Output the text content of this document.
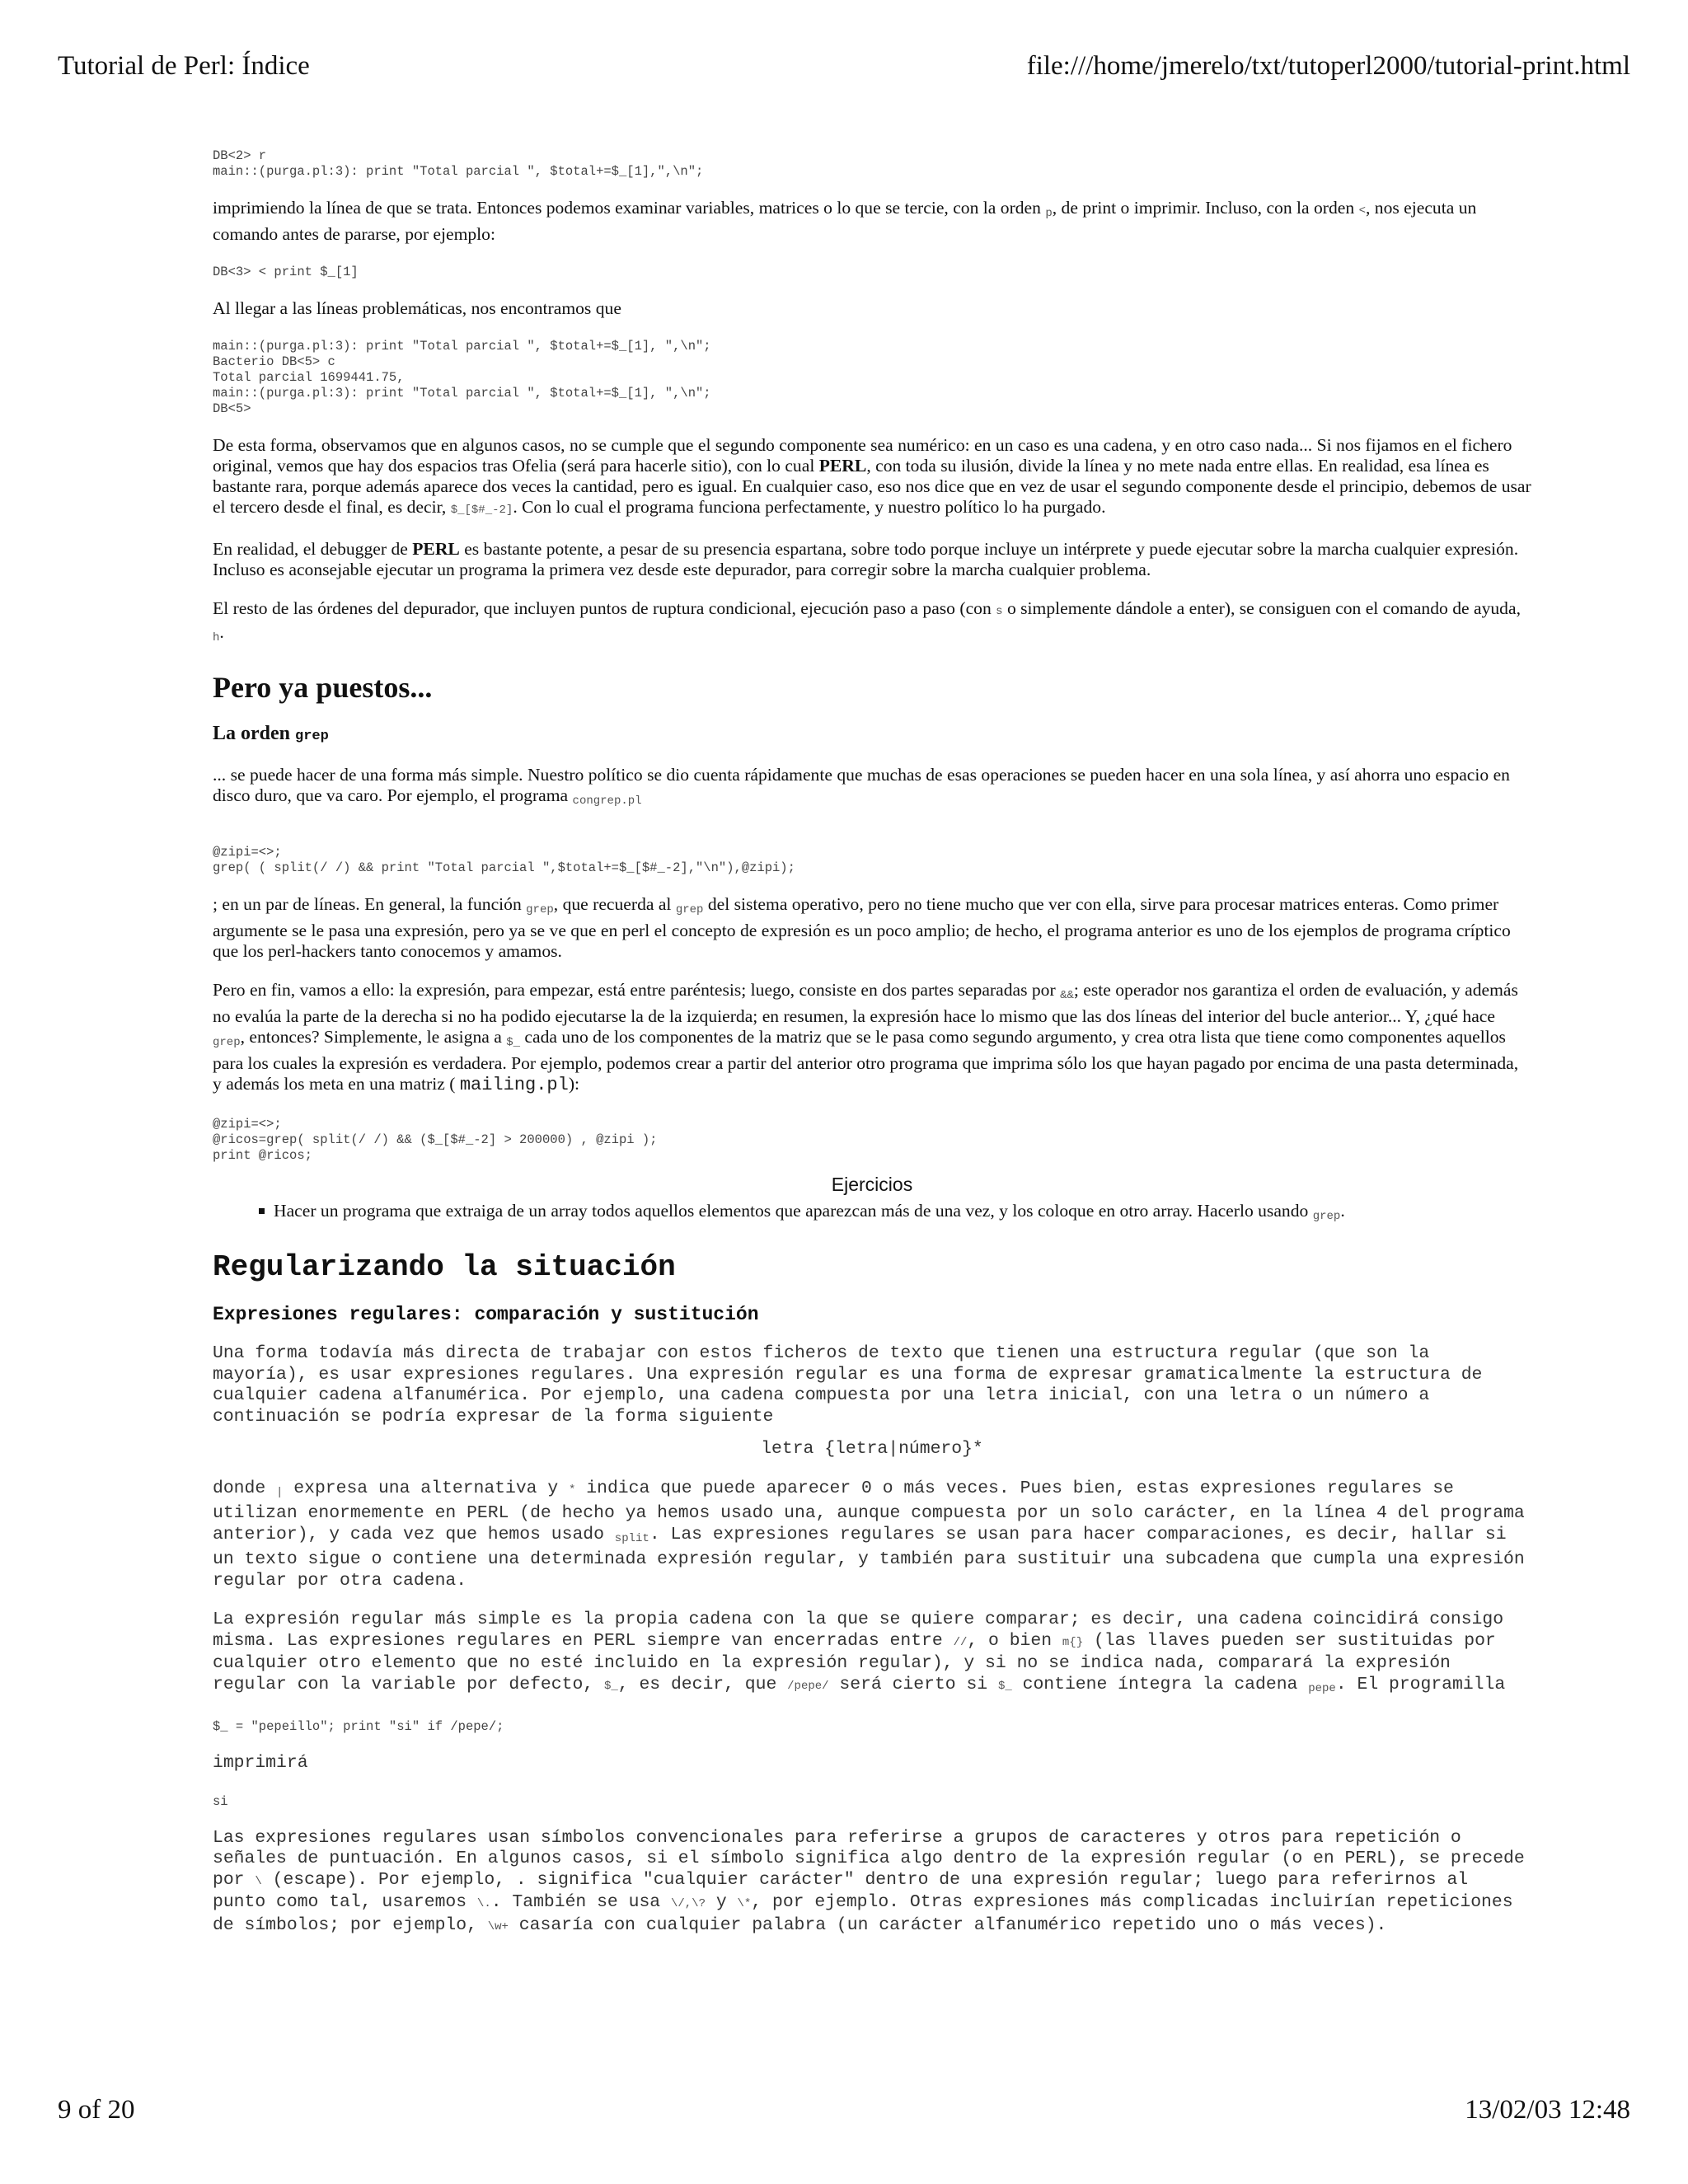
Tutorial de Perl: Índice	file:///home/jmerelo/txt/tutoperl2000/tutorial-print.html
DB<2> r
main::(purga.pl:3): print "Total parcial ", $total+=$_[1],",\n";

imprimiendo la línea de que se trata. Entonces podemos examinar variables, matrices o lo que se tercie, con la orden $_p$, de print o imprimir. Incluso, con la orden <, nos ejecuta un comando antes de pararse, por ejemplo:

DB<3> < print $_[1]

Al llegar a las líneas problemáticas, nos encontramos que

main::(purga.pl:3): print "Total parcial ", $total+=$_[1], ",\n";
Bacterio DB<5> c
Total parcial 1699441.75,
main::(purga.pl:3): print "Total parcial ", $total+=$_[1], ",\n";
DB<5>

De esta forma, observamos que en algunos casos, no se cumple que el segundo componente sea numérico: en un caso es una cadena, y en otro caso nada... Si nos fijamos en el fichero original, vemos que hay dos espacios tras Ofelia (será para hacerle sitio), con lo cual PERL, con toda su ilusión, divide la línea y no mete nada entre ellas. En realidad, esa línea es bastante rara, porque además aparece dos veces la cantidad, pero es igual. En cualquier caso, eso nos dice que en vez de usar el segundo componente desde el principio, debemos de usar el tercero desde el final, es decir, $_[$#_-2]. Con lo cual el programa funciona perfectamente, y nuestro político lo ha purgado.

En realidad, el debugger de PERL es bastante potente, a pesar de su presencia espartana, sobre todo porque incluye un intérprete y puede ejecutar sobre la marcha cualquier expresión. Incluso es aconsejable ejecutar un programa la primera vez desde este depurador, para corregir sobre la marcha cualquier problema.

El resto de las órdenes del depurador, que incluyen puntos de ruptura condicional, ejecución paso a paso (con s o simplemente dándole a enter), se consiguen con el comando de ayuda, $_h$.

Pero ya puestos...
La orden grep

... se puede hacer de una forma más simple. Nuestro político se dio cuenta rápidamente que muchas de esas operaciones se pueden hacer en una sola línea, y así ahorra uno espacio en disco duro, que va caro. Por ejemplo, el programa $_{congrep.pl}$

@zipi=<>;
grep( ( split(/ /) && print "Total parcial ",$total+=$_[$#_-2],"\n"),@zipi);

; en un par de líneas. En general, la función $_{grep}$, que recuerda al $_{grep}$ del sistema operativo, pero no tiene mucho que ver con ella, sirve para procesar matrices enteras. Como primer argumente se le pasa una expresión, pero ya se ve que en perl el concepto de expresión es un poco amplio; de hecho, el programa anterior es uno de los ejemplos de programa críptico que los perl-hackers tanto conocemos y amamos.

Pero en fin, vamos a ello: la expresión, para empezar, está entre paréntesis; luego, consiste en dos partes separadas por $_{\&\&}$; este operador nos garantiza el orden de evaluación, y además no evalúa la parte de la derecha si no ha podido ejecutarse la de la izquierda; en resumen, la expresión hace lo mismo que las dos líneas del interior del bucle anterior... Y, ¿qué hace $_{grep}$, entonces? Simplemente, le asigna a $_{\$\_}$ cada uno de los componentes de la matriz que se le pasa como segundo argumento, y crea otra lista que tiene como componentes aquellos para los cuales la expresión es verdadera. Por ejemplo, podemos crear a partir del anterior otro programa que imprima sólo los que hayan pagado por encima de una pasta determinada, y además los meta en una matriz ( mailing.pl):

@zipi=<>;
@ricos=grep( split(/ /) && ($_[$#_-2] > 200000) , @zipi );
print @ricos;

Ejercicios

Hacer un programa que extraiga de un array todos aquellos elementos que aparezcan más de una vez, y los coloque en otro array. Hacerlo usando $_{grep}$.
Regularizando la situación
Expresiones regulares: comparación y sustitución

Una forma todavía más directa de trabajar con estos ficheros de texto que tienen una estructura regular (que son la mayoría), es usar expresiones regulares. Una expresión regular es una forma de expresar gramaticalmente la estructura de cualquier cadena alfanumérica. Por ejemplo, una cadena compuesta por una letra inicial, con una letra o un número a continuación se podría expresar de la forma siguiente

letra {letra|número}*

donde $_|$ expresa una alternativa y * indica que puede aparecer 0 o más veces. Pues bien, estas expresiones regulares se utilizan enormemente en PERL (de hecho ya hemos usado una, aunque compuesta por un solo carácter, en la línea 4 del programa anterior), y cada vez que hemos usado $_{split}$. Las expresiones regulares se usan para hacer comparaciones, es decir, hallar si un texto sigue o contiene una determinada expresión regular, y también para sustituir una subcadena que cumpla una expresión regular por otra cadena.

La expresión regular más simple es la propia cadena con la que se quiere comparar; es decir, una cadena coincidirá consigo misma. Las expresiones regulares en PERL siempre van encerradas entre //, o bien m{} (las llaves pueden ser sustituidas por cualquier otro elemento que no esté incluido en la expresión regular), y si no se indica nada, comparará la expresión regular con la variable por defecto, $_, es decir, que /pepe/ será cierto si $_ contiene íntegra la cadena $_{pepe}$. El programilla

$_ = "pepeillo"; print "si" if /pepe/;

imprimirá

si

Las expresiones regulares usan símbolos convencionales para referirse a grupos de caracteres y otros para repetición o señales de puntuación. En algunos casos, si el símbolo significa algo dentro de la expresión regular (o en PERL), se precede por \ (escape). Por ejemplo, . significa "cualquier carácter" dentro de una expresión regular; luego para referirnos al punto como tal, usaremos \.. También se usa \/,\? y \*, por ejemplo. Otras expresiones más complicadas incluirían repeticiones de símbolos; por ejemplo, \w+ casaría con cualquier palabra (un carácter alfanumérico repetido uno o más veces).

9 of 20	13/02/03 12:48
